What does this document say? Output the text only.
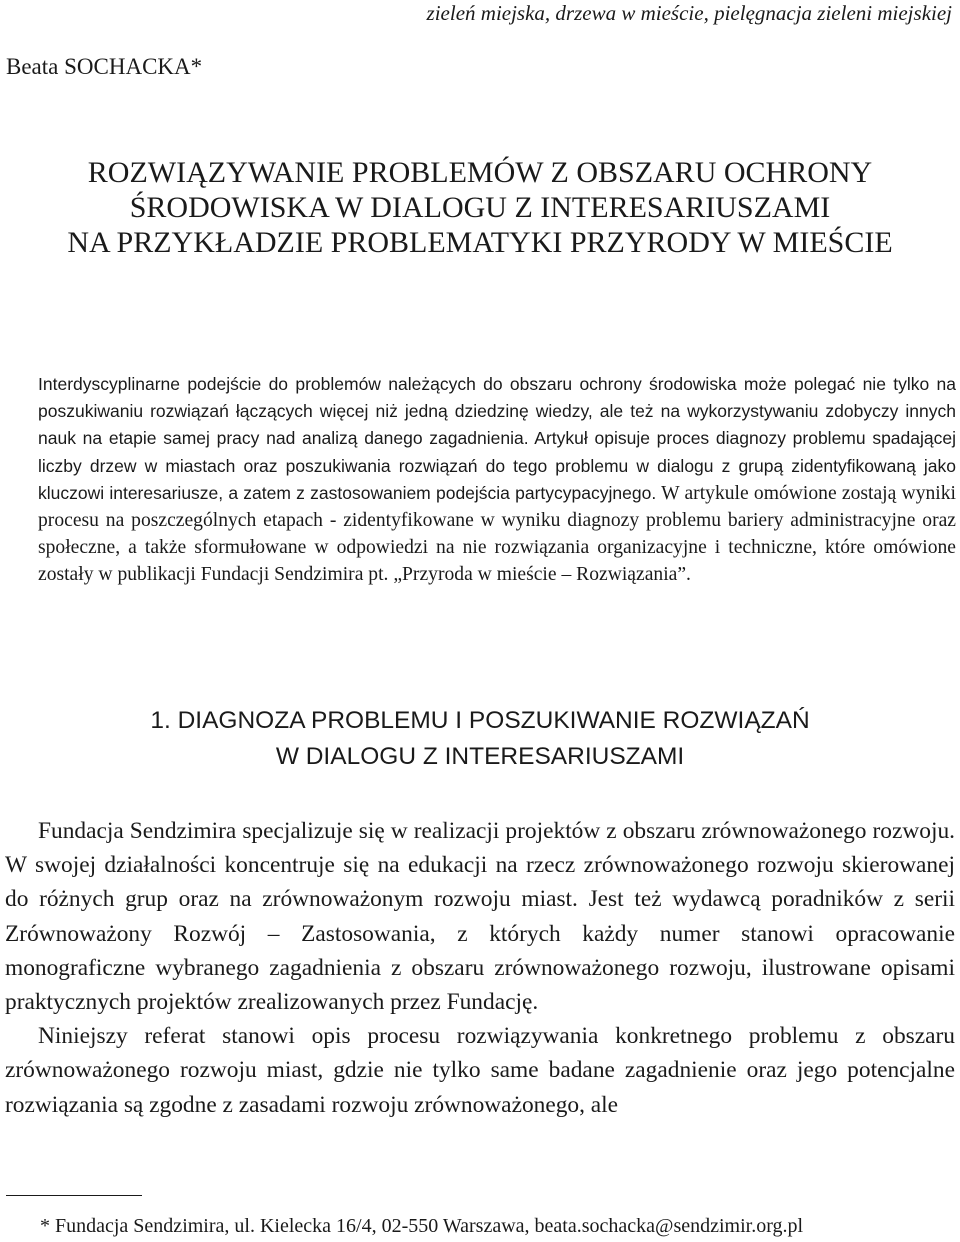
zieleń miejska, drzewa w mieście, pielęgnacja zieleni miejskiej
Beata SOCHACKA*
ROZWIĄZYWANIE PROBLEMÓW Z OBSZARU OCHRONY
ŚRODOWISKA W DIALOGU Z INTERESARIUSZAMI
NA PRZYKŁADZIE PROBLEMATYKI PRZYRODY W MIEŚCIE
Interdyscyplinarne podejście do problemów należących do obszaru ochrony środowiska może polegać nie tylko na poszukiwaniu rozwiązań łączących więcej niż jedną dziedzinę wiedzy, ale też na wykorzystywaniu zdobyczy innych nauk na etapie samej pracy nad analizą danego zagadnienia. Artykuł opisuje proces diagnozy problemu spadającej liczby drzew w miastach oraz poszukiwania rozwiązań do tego problemu w dialogu z grupą zidentyfikowaną jako kluczowi interesariusze, a zatem z zastosowaniem podejścia partycypacyjnego. W artykule omówione zostają wyniki procesu na poszczególnych etapach - zidentyfikowane w wyniku diagnozy problemu bariery administracyjne oraz społeczne, a także sformułowane w odpowiedzi na nie rozwiązania organizacyjne i techniczne, które omówione zostały w publikacji Fundacji Sendzimira pt. „Przyroda w mieście – Rozwiązania”.
1. DIAGNOZA PROBLEMU I POSZUKIWANIE ROZWIĄZAŃ
W DIALOGU Z INTERESARIUSZAMI

Fundacja Sendzimira specjalizuje się w realizacji projektów z obszaru zrównoważonego rozwoju. W swojej działalności koncentruje się na edukacji na rzecz zrównoważonego rozwoju skierowanej do różnych grup oraz na zrównoważonym rozwoju miast. Jest też wydawcą poradników z serii Zrównoważony Rozwój – Zastosowania, z których każdy numer stanowi opracowanie monograficzne wybranego zagadnienia z obszaru zrównoważonego rozwoju, ilustrowane opisami praktycznych projektów zrealizowanych przez Fundację.

Niniejszy referat stanowi opis procesu rozwiązywania konkretnego problemu z obszaru zrównoważonego rozwoju miast, gdzie nie tylko same badane zagadnienie oraz jego potencjalne rozwiązania są zgodne z zasadami rozwoju zrównoważonego, ale

* Fundacja Sendzimira, ul. Kielecka 16/4, 02-550 Warszawa, beata.sochacka@sendzimir.org.pl
